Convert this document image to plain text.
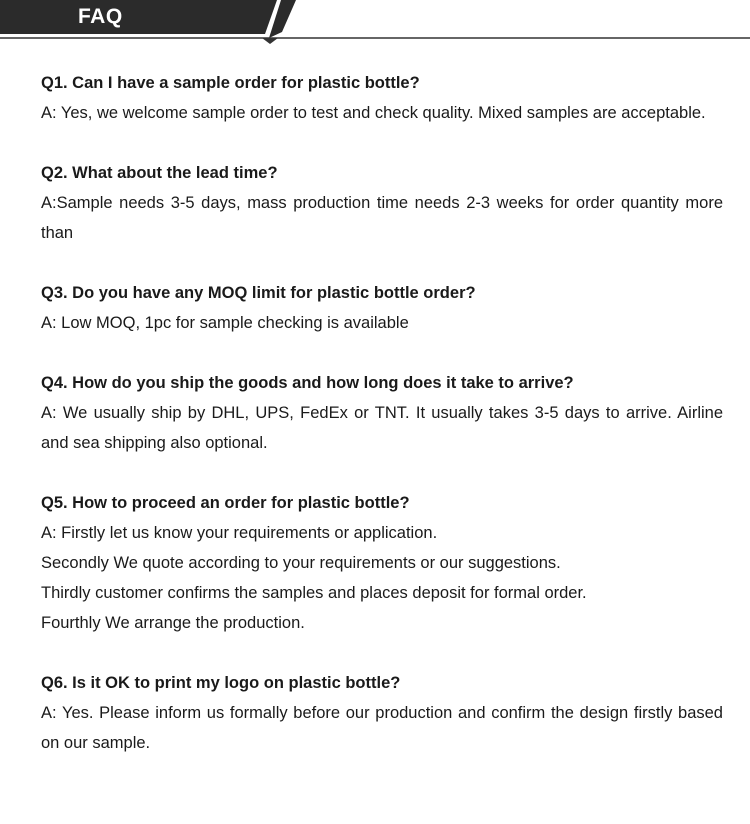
FAQ
Q1. Can I have a sample order for plastic bottle?

A: Yes, we welcome sample order to test and check quality. Mixed samples are acceptable.

Q2. What about the lead time?

A:Sample needs 3-5 days, mass production time needs 2-3 weeks for order quantity more than

Q3. Do you have any MOQ limit for plastic bottle order?

A: Low MOQ, 1pc for sample checking is available

Q4. How do you ship the goods and how long does it take to arrive?

A: We usually ship by DHL, UPS, FedEx or TNT. It usually takes 3-5 days to arrive. Airline and sea shipping also optional.

Q5. How to proceed an order for plastic bottle?

A: Firstly let us know your requirements or application.

Secondly We quote according to your requirements or our suggestions.

Thirdly customer confirms the samples and places deposit for formal order.

Fourthly We arrange the production.

Q6. Is it OK to print my logo on plastic bottle?

A: Yes. Please inform us formally before our production and confirm the design firstly based on our sample.
